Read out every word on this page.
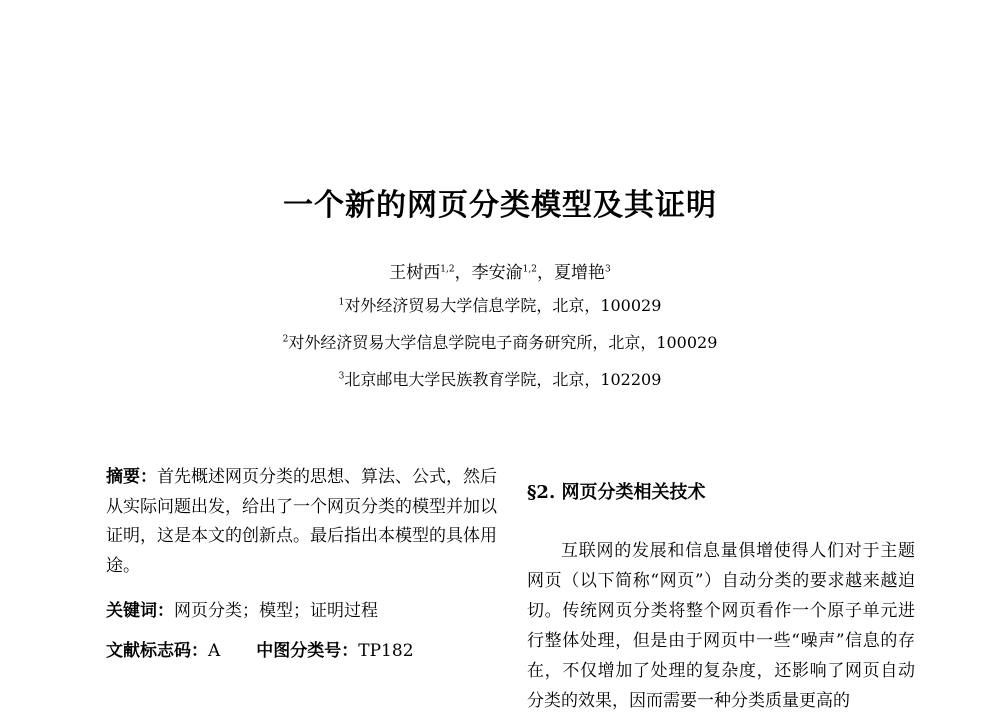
一个新的网页分类模型及其证明
王树西$^{1,2}$，李安渝$^{1,2}$，夏增艳$^3$
$^1$对外经济贸易大学信息学院，北京，100029
$^2$对外经济贸易大学信息学院电子商务研究所，北京，100029
$^3$北京邮电大学民族教育学院，北京，102209

摘要：首先概述网页分类的思想、算法、公式，然后从实际问题出发，给出了一个网页分类的模型并加以证明，这是本文的创新点。最后指出本模型的具体用途。

关键词：网页分类；模型；证明过程

文献标志码：A 中图分类号：TP182

§2. 网页分类相关技术

互联网的发展和信息量俱增使得人们对于主题网页（以下简称“网页”）自动分类的要求越来越迫切。传统网页分类将整个网页看作一个原子单元进行整体处理，但是由于网页中一些“噪声”信息的存在，不仅增加了处理的复杂度，还影响了网页自动分类的效果，因而需要一种分类质量更高的
